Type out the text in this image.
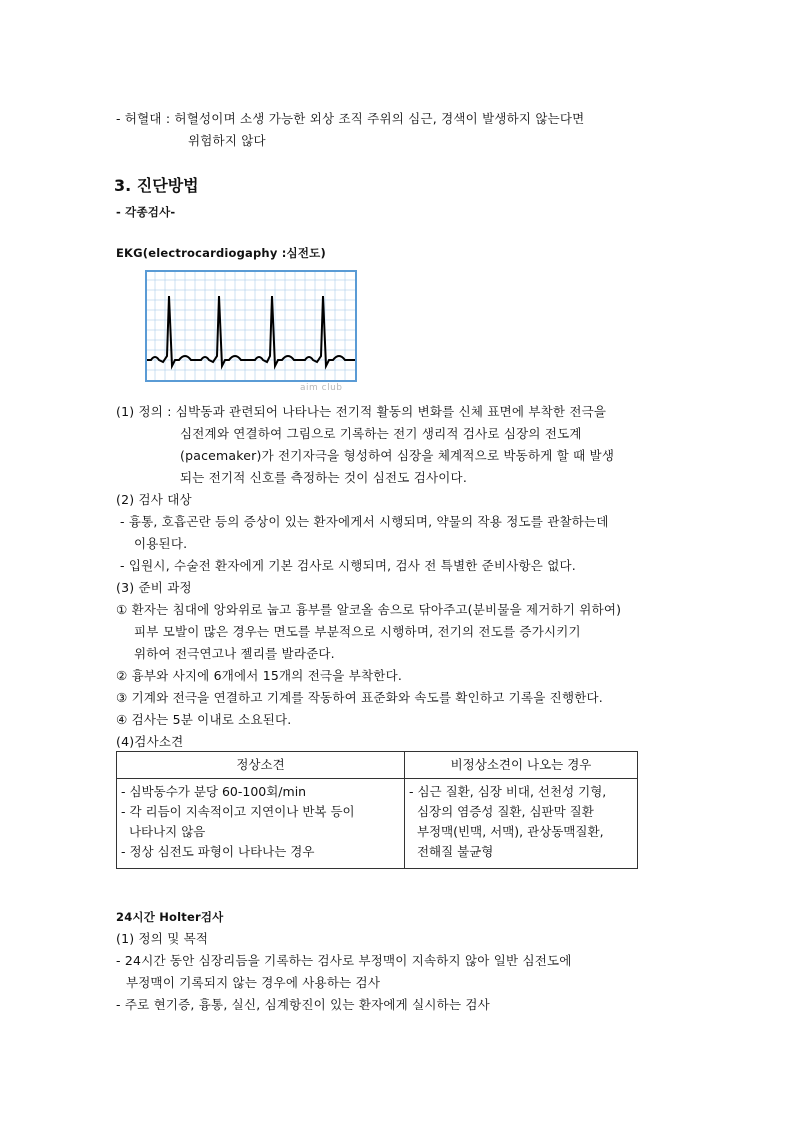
- 허혈대 : 허혈성이며 소생 가능한 외상 조직 주위의 심근, 경색이 발생하지 않는다면
위험하지 않다
3. 진단방법
- 각종검사-
EKG(electrocardiogaphy :심전도)
aim club
(1) 정의 : 심박동과 관련되어 나타나는 전기적 활동의 변화를 신체 표면에 부착한 전극을
심전계와 연결하여 그림으로 기록하는 전기 생리적 검사로 심장의 전도계
(pacemaker)가 전기자극을 형성하여 심장을 체계적으로 박동하게 할 때 발생
되는 전기적 신호를 측정하는 것이 심전도 검사이다.
(2) 검사 대상
- 흉통, 호흡곤란 등의 증상이 있는 환자에게서 시행되며, 약물의 작용 정도를 관찰하는데
이용된다.
- 입원시, 수술전 환자에게 기본 검사로 시행되며, 검사 전 특별한 준비사항은 없다.
(3) 준비 과정
① 환자는 침대에 앙와위로 눕고 흉부를 알코올 솜으로 닦아주고(분비물을 제거하기 위하여)
피부 모발이 많은 경우는 면도를 부분적으로 시행하며, 전기의 전도를 증가시키기
위하여 전극연고나 젤리를 발라준다.
② 흉부와 사지에 6개에서 15개의 전극을 부착한다.
③ 기계와 전극을 연결하고 기계를 작동하여 표준화와 속도를 확인하고 기록을 진행한다.
④ 검사는 5분 이내로 소요된다.
(4)검사소견
정상소견	비정상소견이 나오는 경우

- 심박동수가 분당 60-100회/min
- 각 리듬이 지속적이고 지연이나 반복 등이
나타나지 않음
- 정상 심전도 파형이 나타나는 경우	- 심근 질환, 심장 비대, 선천성 기형,
심장의 염증성 질환, 심판막 질환
부정맥(빈맥, 서맥), 관상동맥질환,
전해질 불균형
24시간 Holter검사
(1) 정의 및 목적
- 24시간 동안 심장리듬을 기록하는 검사로 부정맥이 지속하지 않아 일반 심전도에
부정맥이 기록되지 않는 경우에 사용하는 검사
- 주로 현기증, 흉통, 실신, 심계항진이 있는 환자에게 실시하는 검사
